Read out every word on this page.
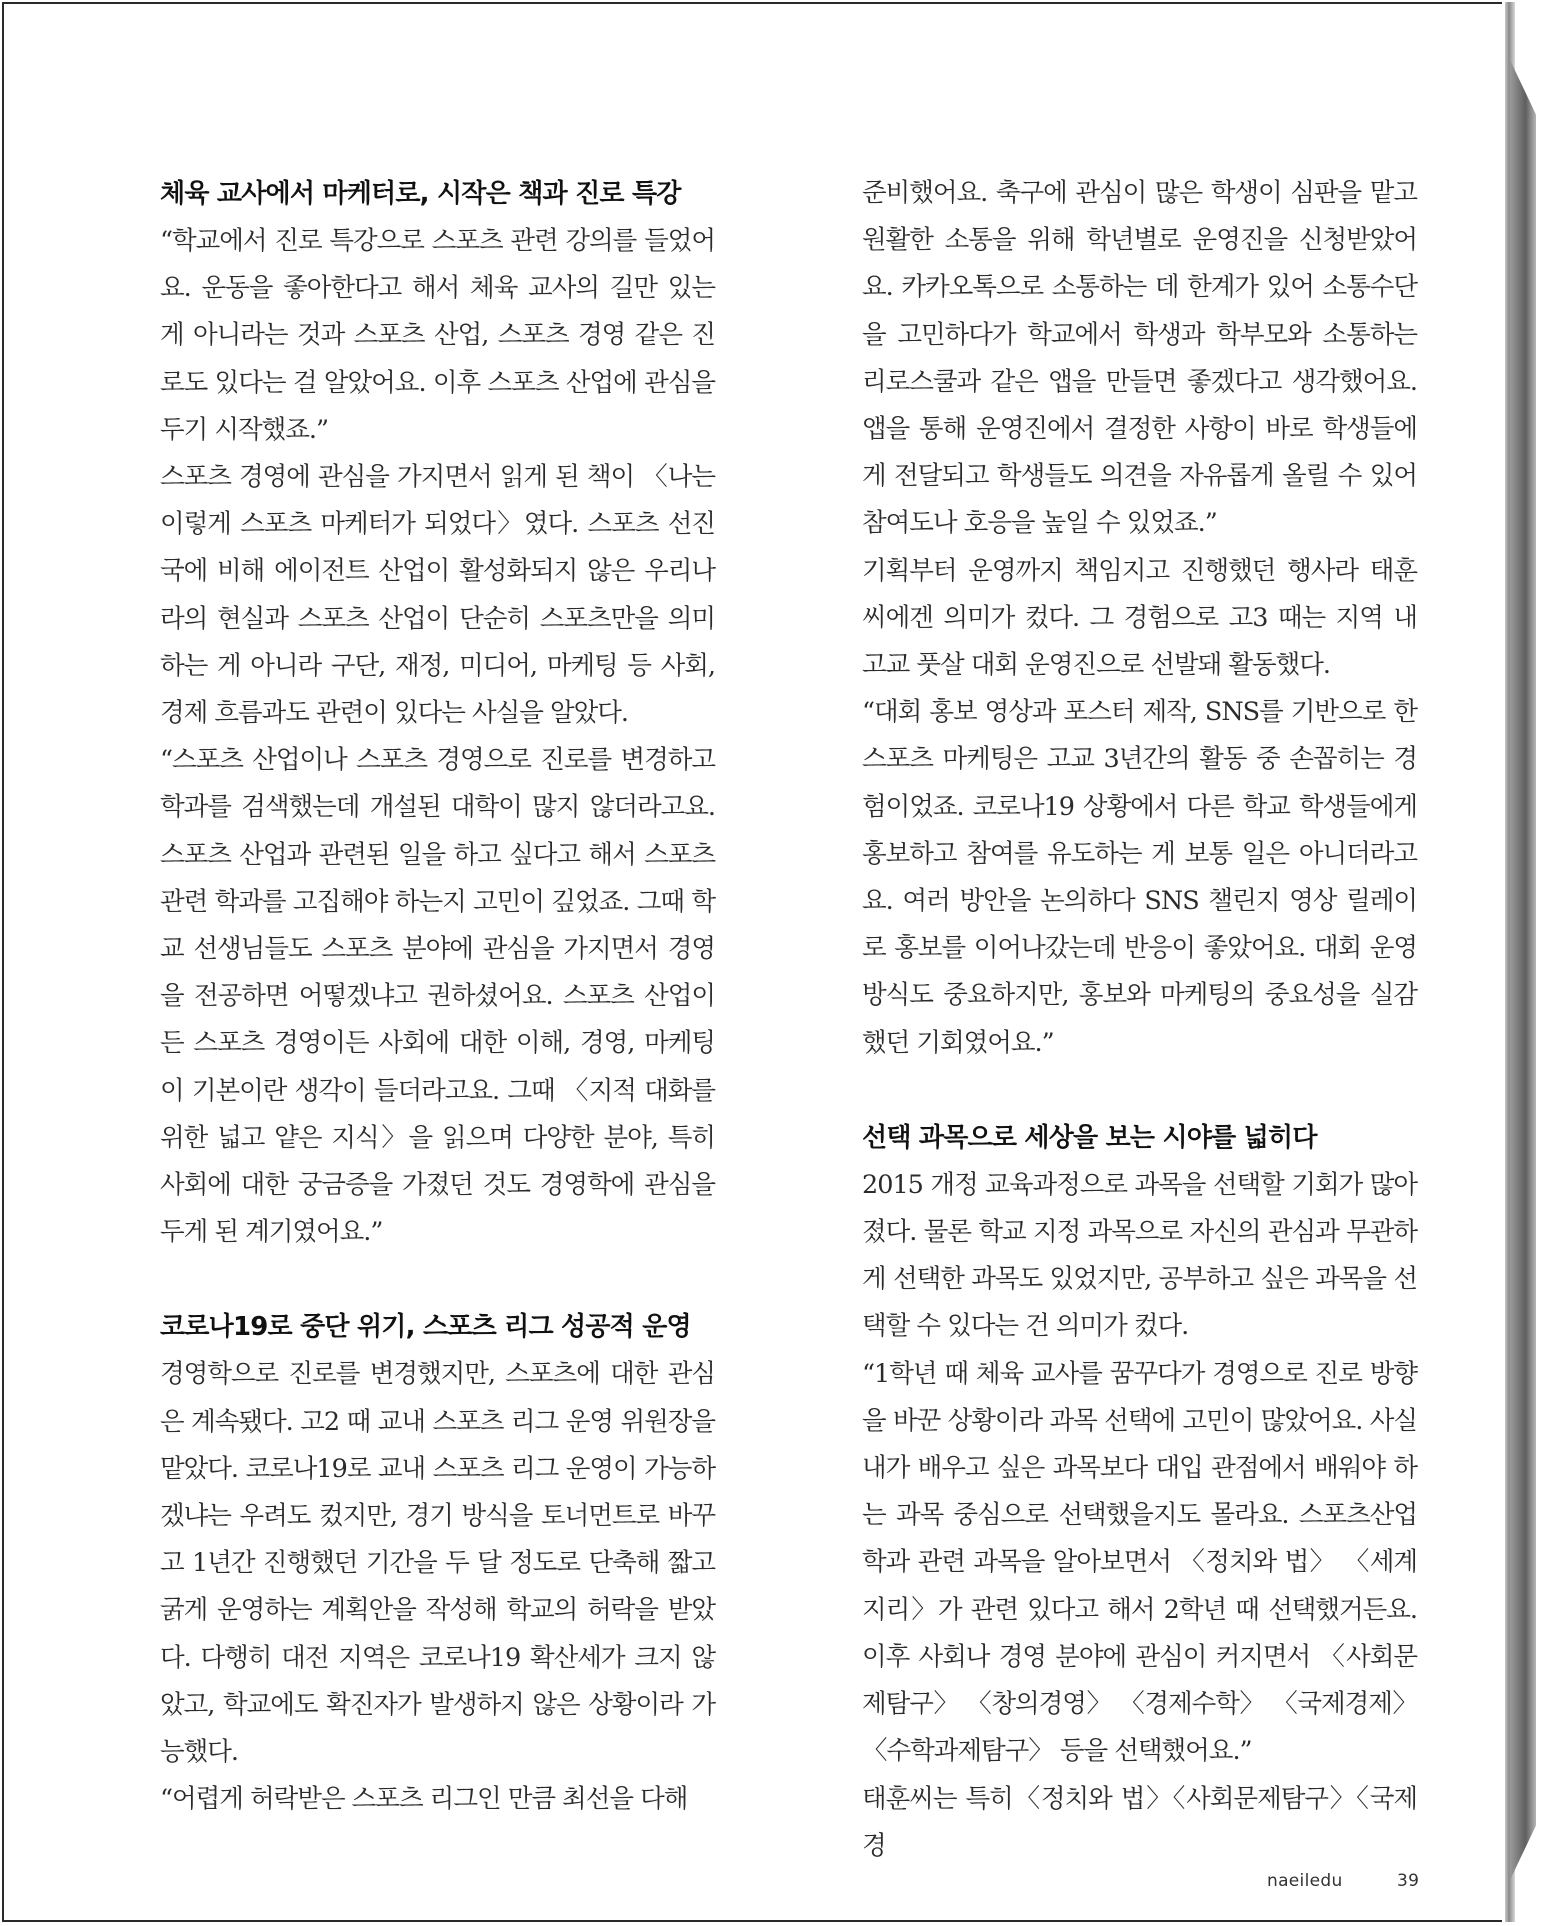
체육 교사에서 마케터로, 시작은 책과 진로 특강
“학교에서 진로 특강으로 스포츠 관련 강의를 들었어요. 운동을 좋아한다고 해서 체육 교사의 길만 있는 게 아니라는 것과 스포츠 산업, 스포츠 경영 같은 진로도 있다는 걸 알았어요. 이후 스포츠 산업에 관심을 두기 시작했죠.”
스포츠 경영에 관심을 가지면서 읽게 된 책이 〈나는 이렇게 스포츠 마케터가 되었다〉였다. 스포츠 선진국에 비해 에이전트 산업이 활성화되지 않은 우리나라의 현실과 스포츠 산업이 단순히 스포츠만을 의미하는 게 아니라 구단, 재정, 미디어, 마케팅 등 사회, 경제 흐름과도 관련이 있다는 사실을 알았다.
“스포츠 산업이나 스포츠 경영으로 진로를 변경하고 학과를 검색했는데 개설된 대학이 많지 않더라고요. 스포츠 산업과 관련된 일을 하고 싶다고 해서 스포츠 관련 학과를 고집해야 하는지 고민이 깊었죠. 그때 학교 선생님들도 스포츠 분야에 관심을 가지면서 경영을 전공하면 어떻겠냐고 권하셨어요. 스포츠 산업이든 스포츠 경영이든 사회에 대한 이해, 경영, 마케팅이 기본이란 생각이 들더라고요. 그때 〈지적 대화를 위한 넓고 얕은 지식〉을 읽으며 다양한 분야, 특히 사회에 대한 궁금증을 가졌던 것도 경영학에 관심을 두게 된 계기였어요.”
코로나19로 중단 위기, 스포츠 리그 성공적 운영
경영학으로 진로를 변경했지만, 스포츠에 대한 관심은 계속됐다. 고2 때 교내 스포츠 리그 운영 위원장을 맡았다. 코로나19로 교내 스포츠 리그 운영이 가능하겠냐는 우려도 컸지만, 경기 방식을 토너먼트로 바꾸고 1년간 진행했던 기간을 두 달 정도로 단축해 짧고 굵게 운영하는 계획안을 작성해 학교의 허락을 받았다. 다행히 대전 지역은 코로나19 확산세가 크지 않았고, 학교에도 확진자가 발생하지 않은 상황이라 가능했다.
“어렵게 허락받은 스포츠 리그인 만큼 최선을 다해
준비했어요. 축구에 관심이 많은 학생이 심판을 맡고 원활한 소통을 위해 학년별로 운영진을 신청받았어요. 카카오톡으로 소통하는 데 한계가 있어 소통수단을 고민하다가 학교에서 학생과 학부모와 소통하는 리로스쿨과 같은 앱을 만들면 좋겠다고 생각했어요. 앱을 통해 운영진에서 결정한 사항이 바로 학생들에게 전달되고 학생들도 의견을 자유롭게 올릴 수 있어 참여도나 호응을 높일 수 있었죠.”
기획부터 운영까지 책임지고 진행했던 행사라 태훈씨에겐 의미가 컸다. 그 경험으로 고3 때는 지역 내 고교 풋살 대회 운영진으로 선발돼 활동했다.
“대회 홍보 영상과 포스터 제작, SNS를 기반으로 한 스포츠 마케팅은 고교 3년간의 활동 중 손꼽히는 경험이었죠. 코로나19 상황에서 다른 학교 학생들에게 홍보하고 참여를 유도하는 게 보통 일은 아니더라고요. 여러 방안을 논의하다 SNS 챌린지 영상 릴레이로 홍보를 이어나갔는데 반응이 좋았어요. 대회 운영 방식도 중요하지만, 홍보와 마케팅의 중요성을 실감했던 기회였어요.”
선택 과목으로 세상을 보는 시야를 넓히다
2015 개정 교육과정으로 과목을 선택할 기회가 많아졌다. 물론 학교 지정 과목으로 자신의 관심과 무관하게 선택한 과목도 있었지만, 공부하고 싶은 과목을 선택할 수 있다는 건 의미가 컸다.
“1학년 때 체육 교사를 꿈꾸다가 경영으로 진로 방향을 바꾼 상황이라 과목 선택에 고민이 많았어요. 사실 내가 배우고 싶은 과목보다 대입 관점에서 배워야 하는 과목 중심으로 선택했을지도 몰라요. 스포츠산업학과 관련 과목을 알아보면서 〈정치와 법〉 〈세계지리〉가 관련 있다고 해서 2학년 때 선택했거든요. 이후 사회나 경영 분야에 관심이 커지면서 〈사회문제탐구〉 〈창의경영〉 〈경제수학〉 〈국제경제〉 〈수학과제탐구〉 등을 선택했어요.”
태훈씨는 특히〈정치와 법〉〈사회문제탐구〉〈국제경
naeiledu	39
